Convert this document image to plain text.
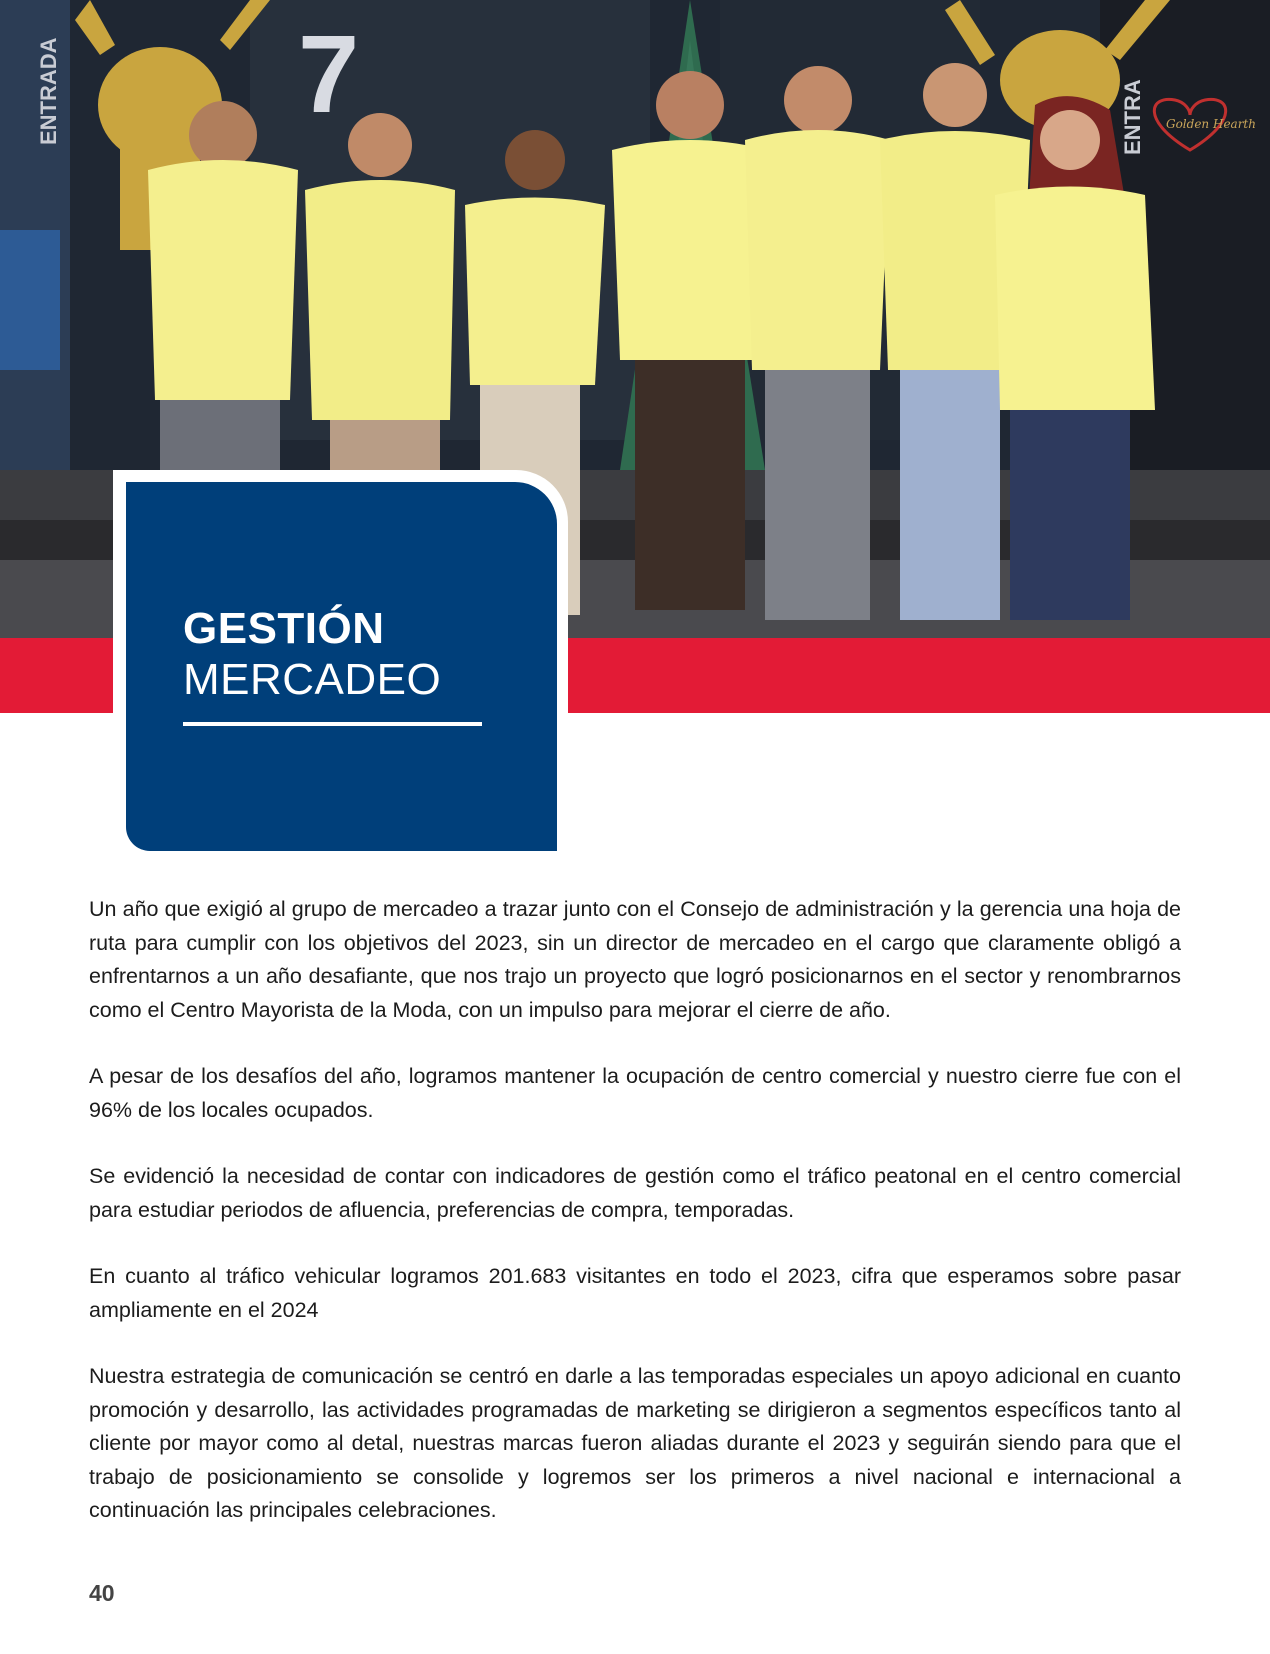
ENTRADA	ENTRA
7	Golden Hearth
GESTIÓN
MERCADEO

Un año que exigió al grupo de mercadeo a trazar junto con el Consejo de administración y la gerencia una hoja de ruta para cumplir con los objetivos del 2023, sin un director de mercadeo en el cargo que claramente obligó a enfrentarnos a un año desafiante, que nos trajo un proyecto que logró posicionarnos en el sector y renombrarnos como el Centro Mayorista de la Moda, con un impulso para mejorar el cierre de año.

A pesar de los desafíos del año, logramos mantener la ocupación de centro comercial y nuestro cierre fue con el 96% de los locales ocupados.

Se evidenció la necesidad de contar con indicadores de gestión como el tráfico peatonal en el centro comercial para estudiar periodos de afluencia, preferencias de compra, temporadas.

En cuanto al tráfico vehicular logramos 201.683 visitantes en todo el 2023, cifra que esperamos sobre pasar ampliamente en el 2024

Nuestra estrategia de comunicación se centró en darle a las temporadas especiales un apoyo adicional en cuanto promoción y desarrollo, las actividades programadas de marketing se dirigieron a segmentos específicos tanto al cliente por mayor como al detal, nuestras marcas fueron aliadas durante el 2023 y seguirán siendo para que el trabajo de posicionamiento se consolide y logremos ser los primeros a nivel nacional e internacional a continuación las principales celebraciones.

40
